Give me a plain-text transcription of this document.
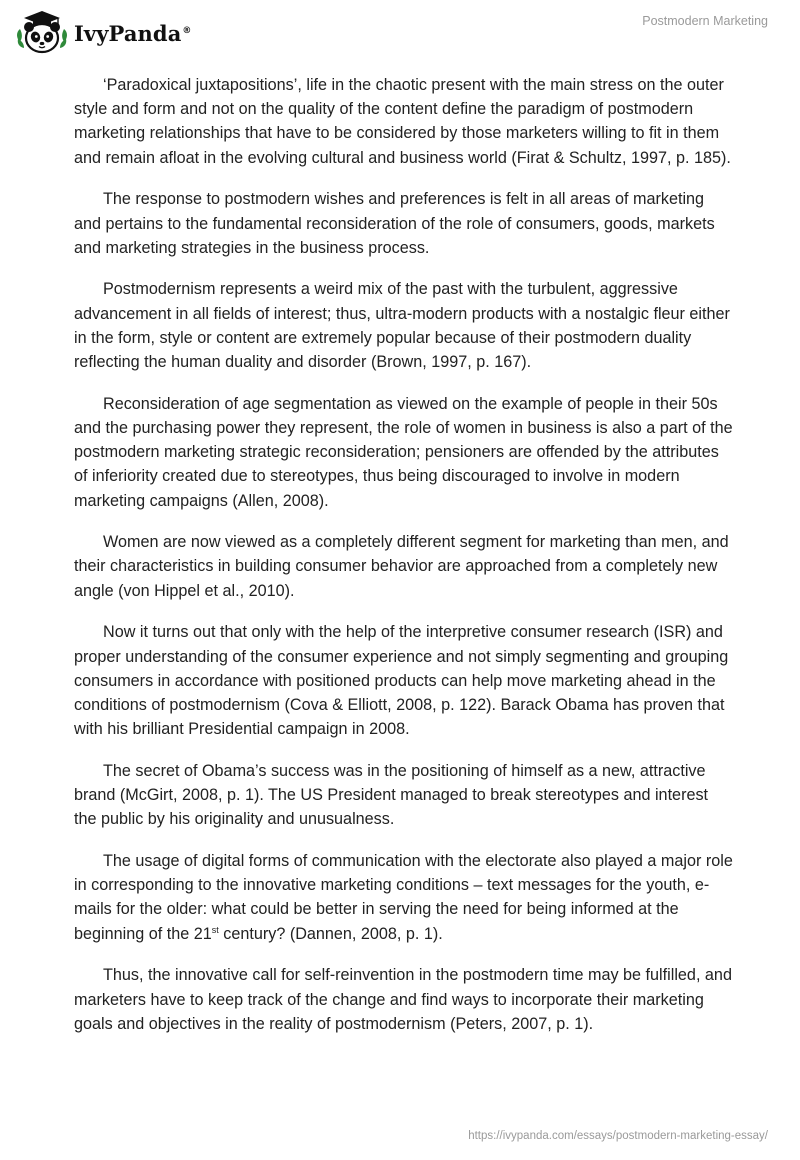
IvyPanda®
Postmodern Marketing

‘Paradoxical juxtapositions’, life in the chaotic present with the main stress on the outer style and form and not on the quality of the content define the paradigm of postmodern marketing relationships that have to be considered by those marketers willing to fit in them and remain afloat in the evolving cultural and business world (Firat & Schultz, 1997, p. 185).

The response to postmodern wishes and preferences is felt in all areas of marketing and pertains to the fundamental reconsideration of the role of consumers, goods, markets and marketing strategies in the business process.

Postmodernism represents a weird mix of the past with the turbulent, aggressive advancement in all fields of interest; thus, ultra-modern products with a nostalgic fleur either in the form, style or content are extremely popular because of their postmodern duality reflecting the human duality and disorder (Brown, 1997, p. 167).

Reconsideration of age segmentation as viewed on the example of people in their 50s and the purchasing power they represent, the role of women in business is also a part of the postmodern marketing strategic reconsideration; pensioners are offended by the attributes of inferiority created due to stereotypes, thus being discouraged to involve in modern marketing campaigns (Allen, 2008).

Women are now viewed as a completely different segment for marketing than men, and their characteristics in building consumer behavior are approached from a completely new angle (von Hippel et al., 2010).

Now it turns out that only with the help of the interpretive consumer research (ISR) and proper understanding of the consumer experience and not simply segmenting and grouping consumers in accordance with positioned products can help move marketing ahead in the conditions of postmodernism (Cova & Elliott, 2008, p. 122). Barack Obama has proven that with his brilliant Presidential campaign in 2008.

The secret of Obama’s success was in the positioning of himself as a new, attractive brand (McGirt, 2008, p. 1). The US President managed to break stereotypes and interest the public by his originality and unusualness.

The usage of digital forms of communication with the electorate also played a major role in corresponding to the innovative marketing conditions – text messages for the youth, e-mails for the older: what could be better in serving the need for being informed at the beginning of the 21st century? (Dannen, 2008, p. 1).

Thus, the innovative call for self-reinvention in the postmodern time may be fulfilled, and marketers have to keep track of the change and find ways to incorporate their marketing goals and objectives in the reality of postmodernism (Peters, 2007, p. 1).

https://ivypanda.com/essays/postmodern-marketing-essay/
